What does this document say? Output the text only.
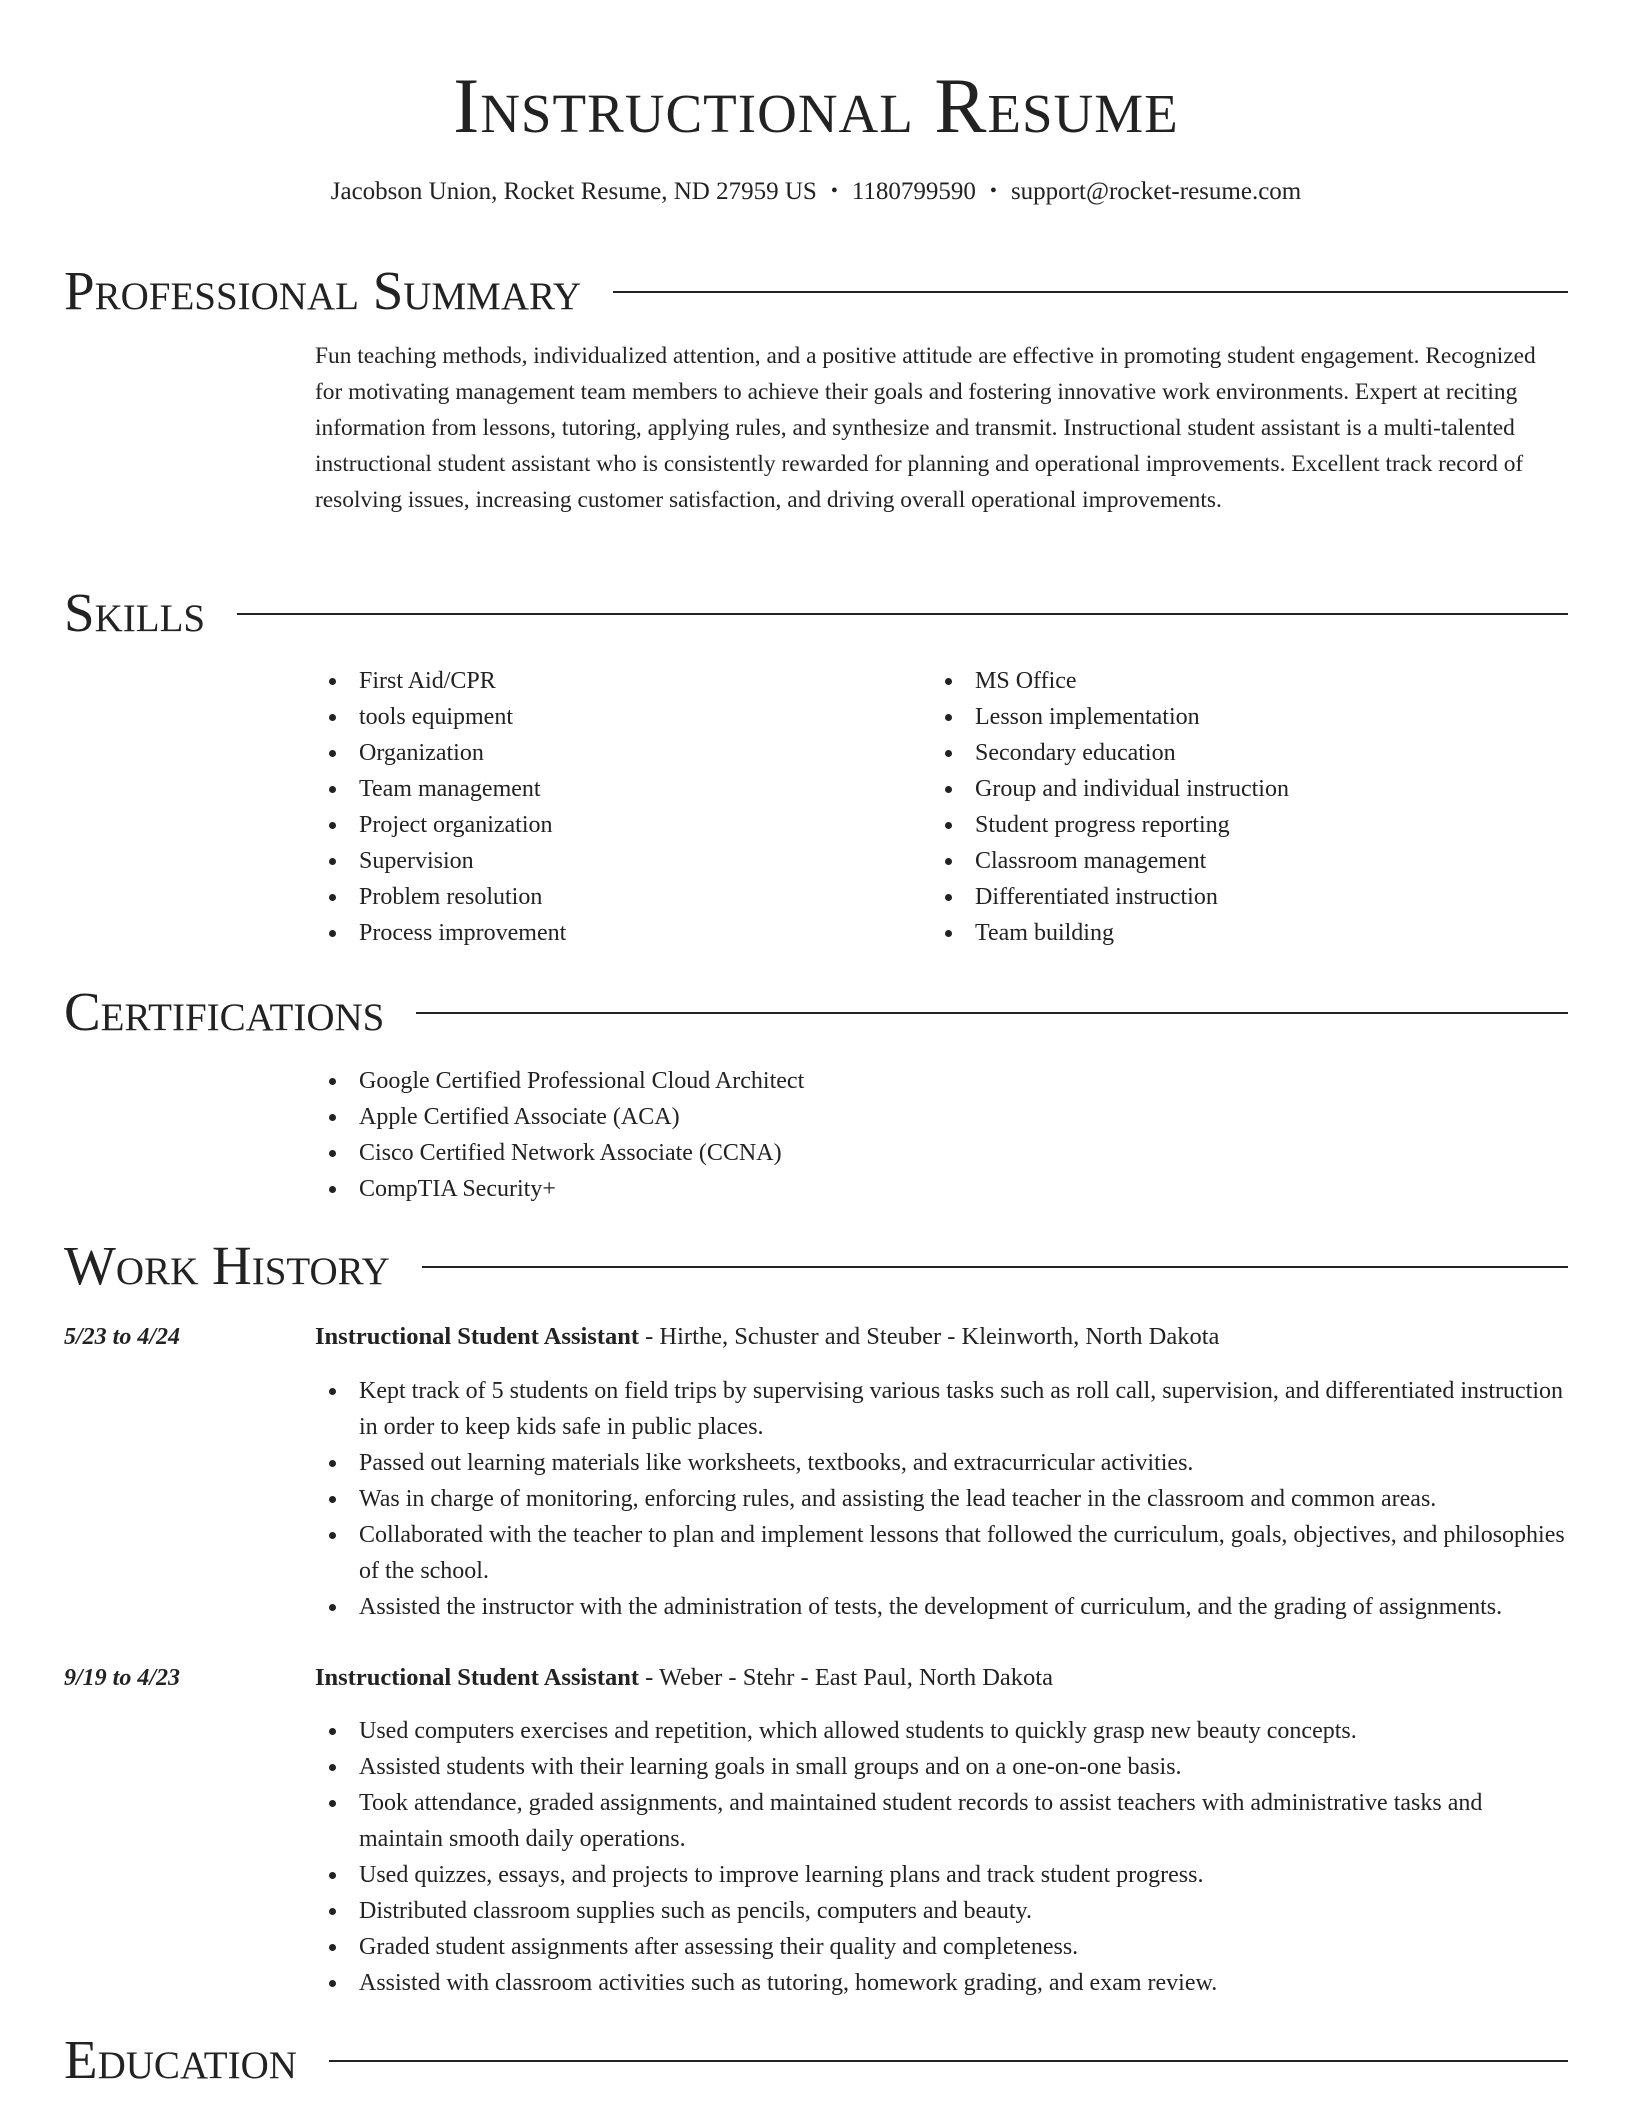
Instructional Resume
Jacobson Union, Rocket Resume, ND 27959 US • 1180799590 • support@rocket-resume.com
Professional Summary
Fun teaching methods, individualized attention, and a positive attitude are effective in promoting student engagement. Recognized for motivating management team members to achieve their goals and fostering innovative work environments. Expert at reciting information from lessons, tutoring, applying rules, and synthesize and transmit. Instructional student assistant is a multi-talented instructional student assistant who is consistently rewarded for planning and operational improvements. Excellent track record of resolving issues, increasing customer satisfaction, and driving overall operational improvements.
Skills
First Aid/CPR
tools equipment
Organization
Team management
Project organization
Supervision
Problem resolution
Process improvement
MS Office
Lesson implementation
Secondary education
Group and individual instruction
Student progress reporting
Classroom management
Differentiated instruction
Team building
Certifications
Google Certified Professional Cloud Architect
Apple Certified Associate (ACA)
Cisco Certified Network Associate (CCNA)
CompTIA Security+
Work History
5/23 to 4/24	Instructional Student Assistant - Hirthe, Schuster and Steuber - Kleinworth, North Dakota
Kept track of 5 students on field trips by supervising various tasks such as roll call, supervision, and differentiated instruction in order to keep kids safe in public places.
Passed out learning materials like worksheets, textbooks, and extracurricular activities.
Was in charge of monitoring, enforcing rules, and assisting the lead teacher in the classroom and common areas.
Collaborated with the teacher to plan and implement lessons that followed the curriculum, goals, objectives, and philosophies of the school.
Assisted the instructor with the administration of tests, the development of curriculum, and the grading of assignments.
9/19 to 4/23	Instructional Student Assistant - Weber - Stehr - East Paul, North Dakota
Used computers exercises and repetition, which allowed students to quickly grasp new beauty concepts.
Assisted students with their learning goals in small groups and on a one-on-one basis.
Took attendance, graded assignments, and maintained student records to assist teachers with administrative tasks and maintain smooth daily operations.
Used quizzes, essays, and projects to improve learning plans and track student progress.
Distributed classroom supplies such as pencils, computers and beauty.
Graded student assignments after assessing their quality and completeness.
Assisted with classroom activities such as tutoring, homework grading, and exam review.
Education
